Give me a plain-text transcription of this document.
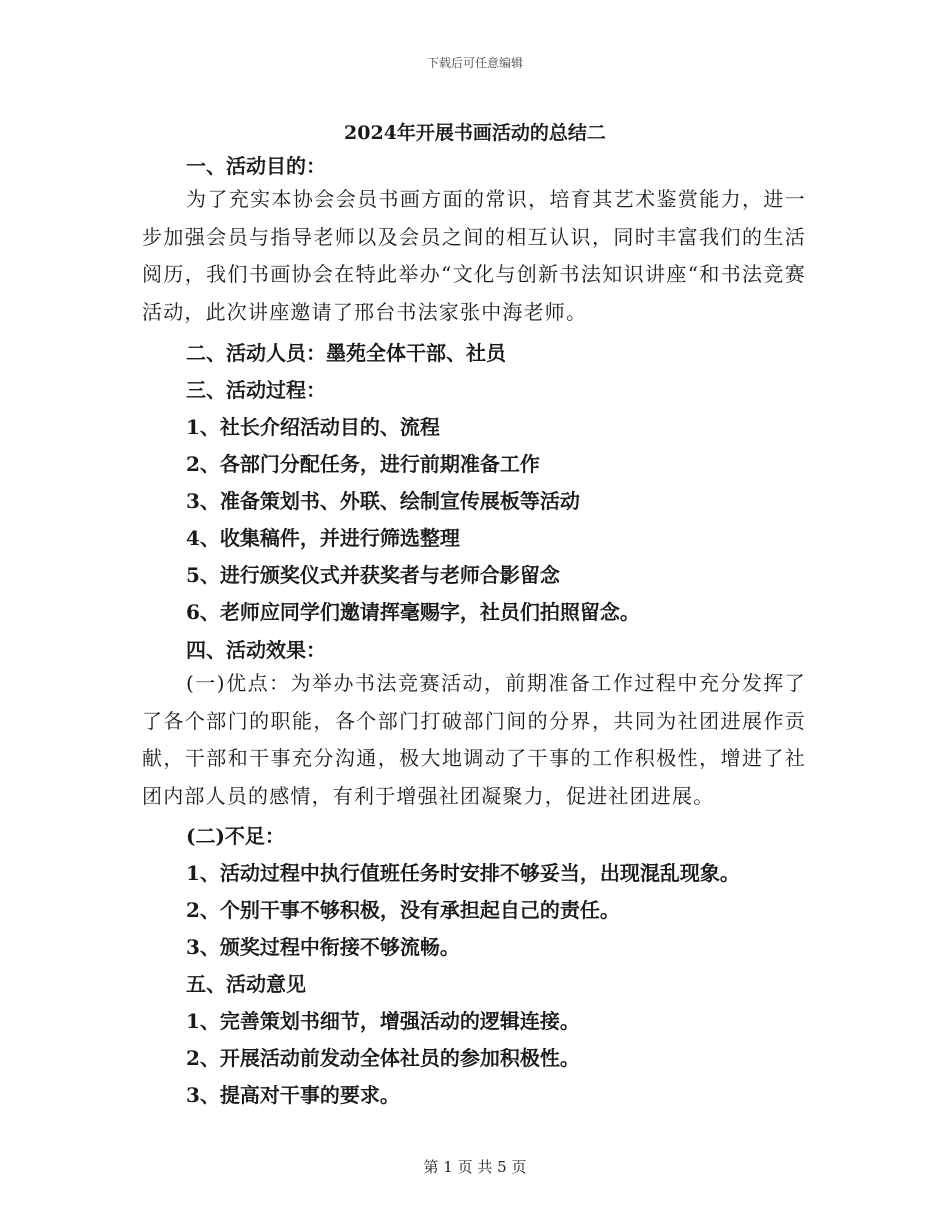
下载后可任意编辑
2024年开展书画活动的总结二
一、活动目的：
为了充实本协会会员书画方面的常识，培育其艺术鉴赏能力，进一步加强会员与指导老师以及会员之间的相互认识，同时丰富我们的生活阅历，我们书画协会在特此举办“文化与创新书法知识讲座“和书法竞赛活动，此次讲座邀请了邢台书法家张中海老师。
二、活动人员：墨苑全体干部、社员
三、活动过程：
1、社长介绍活动目的、流程
2、各部门分配任务，进行前期准备工作
3、准备策划书、外联、绘制宣传展板等活动
4、收集稿件，并进行筛选整理
5、进行颁奖仪式并获奖者与老师合影留念
6、老师应同学们邀请挥毫赐字，社员们拍照留念。
四、活动效果：
(一)优点：为举办书法竞赛活动，前期准备工作过程中充分发挥了了各个部门的职能，各个部门打破部门间的分界，共同为社团进展作贡献，干部和干事充分沟通，极大地调动了干事的工作积极性，增进了社团内部人员的感情，有利于增强社团凝聚力，促进社团进展。
(二)不足：
1、活动过程中执行值班任务时安排不够妥当，出现混乱现象。
2、个别干事不够积极，没有承担起自己的责任。
3、颁奖过程中衔接不够流畅。
五、活动意见
1、完善策划书细节，增强活动的逻辑连接。
2、开展活动前发动全体社员的参加积极性。
3、提高对干事的要求。
第 1 页 共 5 页
